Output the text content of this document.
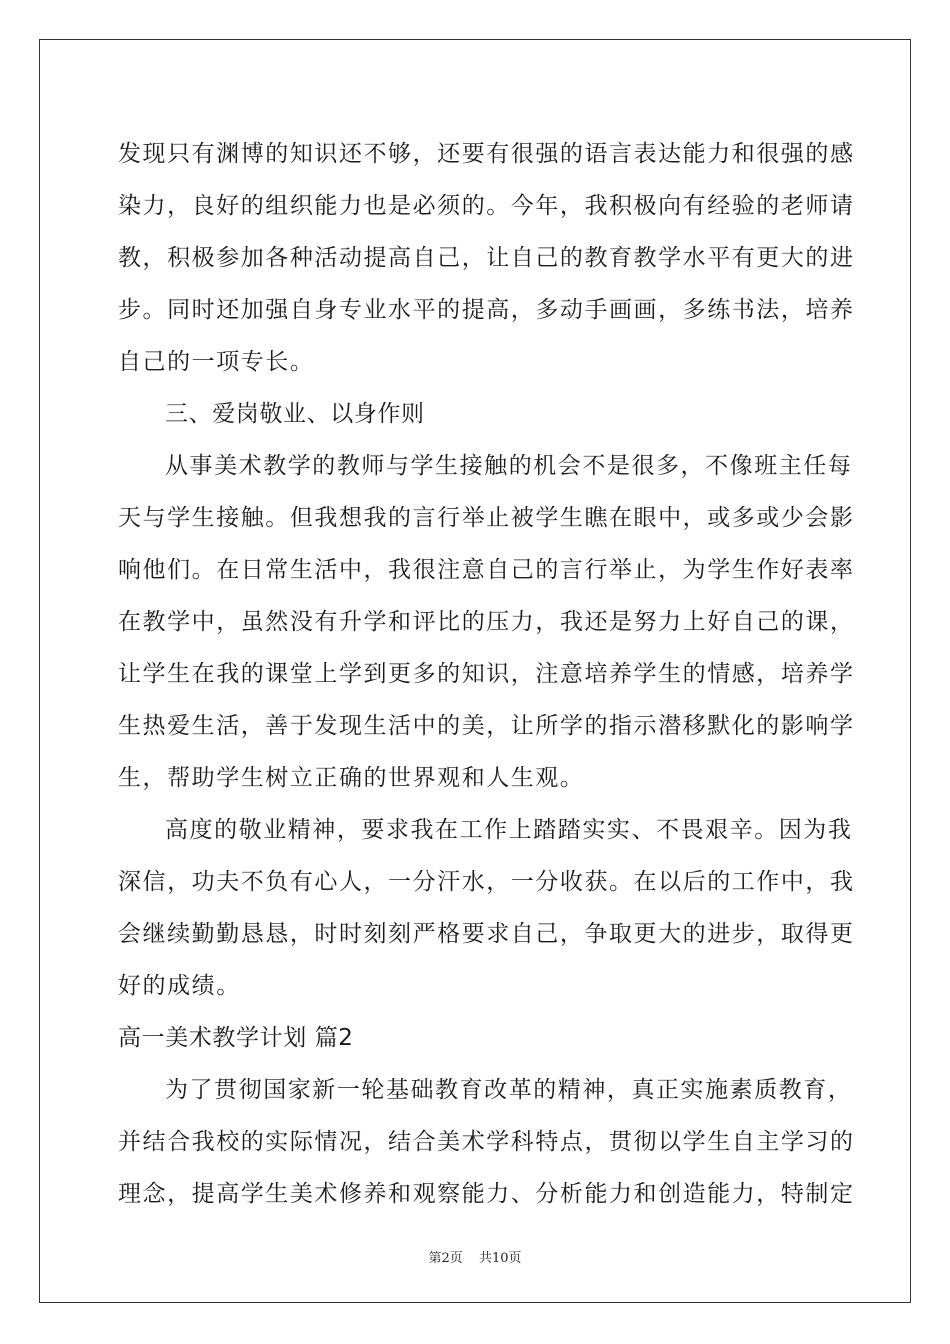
发现只有渊博的知识还不够，还要有很强的语言表达能力和很强的感
染力，良好的组织能力也是必须的。今年，我积极向有经验的老师请
教，积极参加各种活动提高自己，让自己的教育教学水平有更大的进
步。同时还加强自身专业水平的提高，多动手画画，多练书法，培养
自己的一项专长。
三、爱岗敬业、以身作则
从事美术教学的教师与学生接触的机会不是很多，不像班主任每
天与学生接触。但我想我的言行举止被学生瞧在眼中，或多或少会影
响他们。在日常生活中，我很注意自己的言行举止，为学生作好表率
在教学中，虽然没有升学和评比的压力，我还是努力上好自己的课，
让学生在我的课堂上学到更多的知识，注意培养学生的情感，培养学
生热爱生活，善于发现生活中的美，让所学的指示潜移默化的影响学
生，帮助学生树立正确的世界观和人生观。
高度的敬业精神，要求我在工作上踏踏实实、不畏艰辛。因为我
深信，功夫不负有心人，一分汗水，一分收获。在以后的工作中，我
会继续勤勤恳恳，时时刻刻严格要求自己，争取更大的进步，取得更
好的成绩。
高一美术教学计划 篇2
为了贯彻国家新一轮基础教育改革的精神，真正实施素质教育，
并结合我校的实际情况，结合美术学科特点，贯彻以学生自主学习的
理念，提高学生美术修养和观察能力、分析能力和创造能力，特制定
第2页 共10页
